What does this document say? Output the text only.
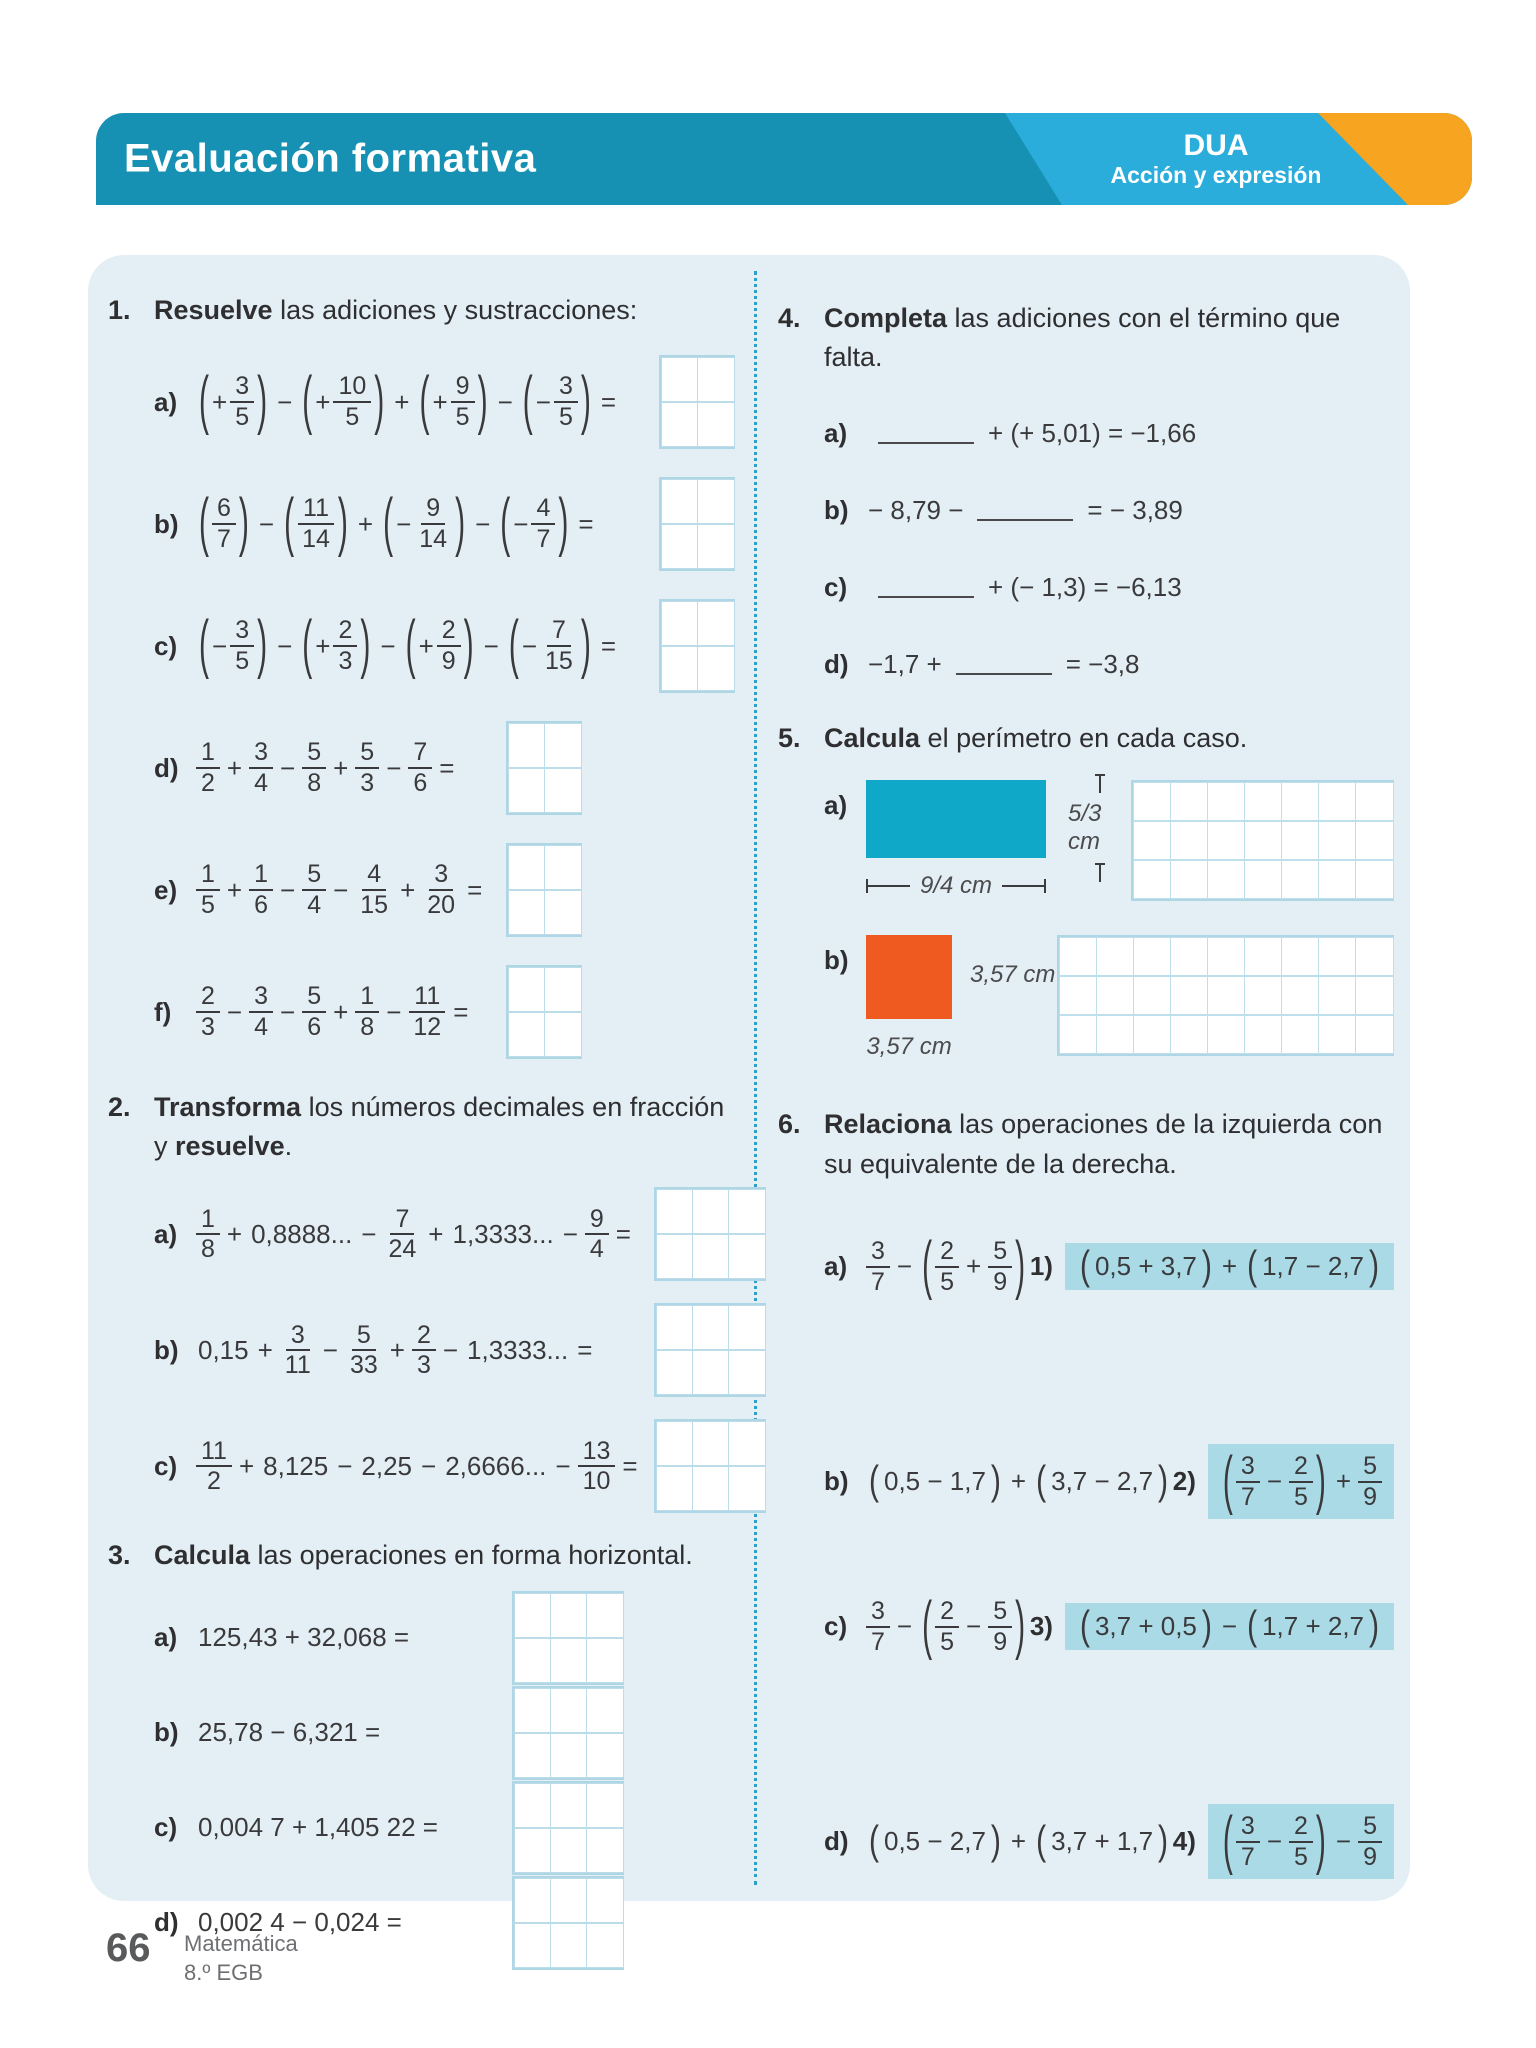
Evaluación formativa	DUA
Acción y expresión
1. Resuelve las adiciones y sustracciones:
a) ( + $\frac{3}{5}$ ) − ( + $\frac{10}{5}$ ) + ( + $\frac{9}{5}$ ) − ( − $\frac{3}{5}$ ) =
b) ( $\frac{6}{7}$ ) − ( $\frac{11}{14}$ ) + ( − $\frac{9}{14}$ ) − ( − $\frac{4}{7}$ ) =
c) ( − $\frac{3}{5}$ ) − ( + $\frac{2}{3}$ ) − ( + $\frac{2}{9}$ ) − ( − $\frac{7}{15}$ ) =
$d) \frac{1}{2} + \frac{3}{4} - \frac{5}{8} + \frac{5}{3} - \frac{7}{6}$ =
$e) \frac{1}{5} + \frac{1}{6} - \frac{5}{4} - \frac{4}{15} + \frac{3}{20}$ =
$f) \frac{2}{3} - \frac{3}{4} - \frac{5}{6} + \frac{1}{8} - \frac{11}{12}$ =
2. Transforma los números decimales en fracción y resuelve.
$a) \frac{1}{8} + 0,8888$... − $\frac{7}{24} + 1,3333$... − $\frac{9}{4}$ =
b) $0,15 + \frac{3}{11} - \frac{5}{33} + \frac{2}{3} - 1,3333$... =
$c) \frac{11}{2} + 8,125 - 2,25 - 2,6666$... − $\frac{13}{10}$ =
3. Calcula las operaciones en forma horizontal.
a) 125,43 + 32,068 =
b) 25,78 − 6,321 =
c) 0,004 7 + 1,405 22 =
d) 0,002 4 − 0,024 =
4. Completa las adiciones con el término que falta.
a)	+ (+ 5,01) = −1,66
b) − 8,79 −	= − 3,89
c)	+ (− 1,3) = −6,13
d) −1,7 +	= −3,8
5. Calcula el perímetro en cada caso.
a)
9/4 cm
5/3 cm
b)
3,57 cm
3,57 cm
6. Relaciona las operaciones de la izquierda con su equivalente de la derecha.
$a) \frac{3}{7}$ − ( $\frac{2}{5} + \frac{5}{9}$ ) 1) ( 0,5 + 3,7 ) + ( 1,7 − 2,7 )
b) ( 0,5 − 1,7 ) + ( 3,7 − 2,7 ) 2) ( $\frac{3}{7} - \frac{2}{5}$ ) + $\frac{5}{9}$
$c) \frac{3}{7}$ − ( $\frac{2}{5} - \frac{5}{9}$ ) 3) ( 3,7 + 0,5 ) − ( 1,7 + 2,7 )
d) ( 0,5 − 2,7 ) + ( 3,7 + 1,7 ) 4) ( $\frac{3}{7} - \frac{2}{5}$ ) − $\frac{5}{9}$
66 Matemática
8.º EGB
